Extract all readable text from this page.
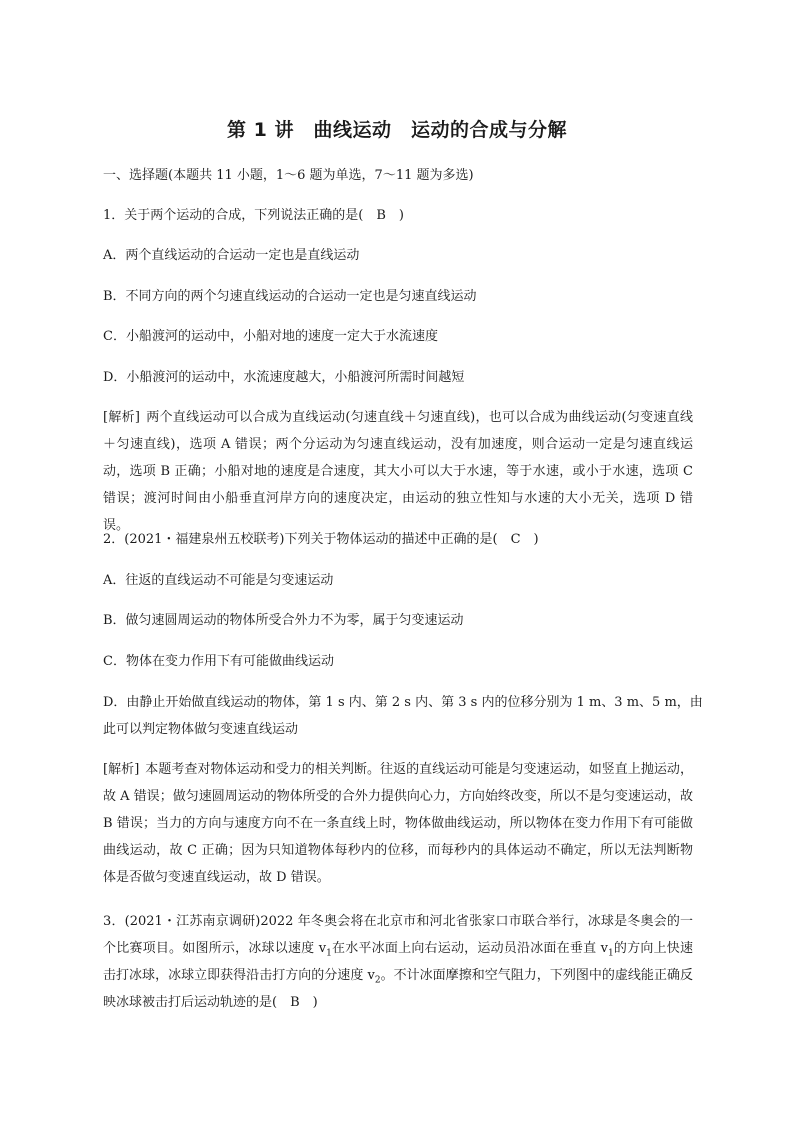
第 1 讲　曲线运动　运动的合成与分解
一、选择题(本题共 11 小题，1～6 题为单选，7～11 题为多选)
1．关于两个运动的合成，下列说法正确的是(　B　)
A．两个直线运动的合运动一定也是直线运动
B．不同方向的两个匀速直线运动的合运动一定也是匀速直线运动
C．小船渡河的运动中，小船对地的速度一定大于水流速度
D．小船渡河的运动中，水流速度越大，小船渡河所需时间越短
[解析] 两个直线运动可以合成为直线运动(匀速直线＋匀速直线)，也可以合成为曲线运动(匀变速直线＋匀速直线)，选项 A 错误；两个分运动为匀速直线运动，没有加速度，则合运动一定是匀速直线运动，选项 B 正确；小船对地的速度是合速度，其大小可以大于水速，等于水速，或小于水速，选项 C 错误；渡河时间由小船垂直河岸方向的速度决定，由运动的独立性知与水速的大小无关，选项 D 错误。
2．(2021・福建泉州五校联考)下列关于物体运动的描述中正确的是(　C　)
A．往返的直线运动不可能是匀变速运动
B．做匀速圆周运动的物体所受合外力不为零，属于匀变速运动
C．物体在变力作用下有可能做曲线运动
D．由静止开始做直线运动的物体，第 1 s 内、第 2 s 内、第 3 s 内的位移分别为 1 m、3 m、5 m，由
此可以判定物体做匀变速直线运动
[解析] 本题考查对物体运动和受力的相关判断。往返的直线运动可能是匀变速运动，如竖直上抛运动，故 A 错误；做匀速圆周运动的物体所受的合外力提供向心力，方向始终改变，所以不是匀变速运动，故 B 错误；当力的方向与速度方向不在一条直线上时，物体做曲线运动，所以物体在变力作用下有可能做曲线运动，故 C 正确；因为只知道物体每秒内的位移，而每秒内的具体运动不确定，所以无法判断物体是否做匀变速直线运动，故 D 错误。
3．(2021・江苏南京调研)2022 年冬奥会将在北京市和河北省张家口市联合举行，冰球是冬奥会的一个比赛项目。如图所示，冰球以速度 $v_1$在水平冰面上向右运动，运动员沿冰面在垂直 $v_1$的方向上快速击打冰球，冰球立即获得沿击打方向的分速度 $v_2$。不计冰面摩擦和空气阻力，下列图中的虚线能正确反映冰球被击打后运动轨迹的是(　B　)
